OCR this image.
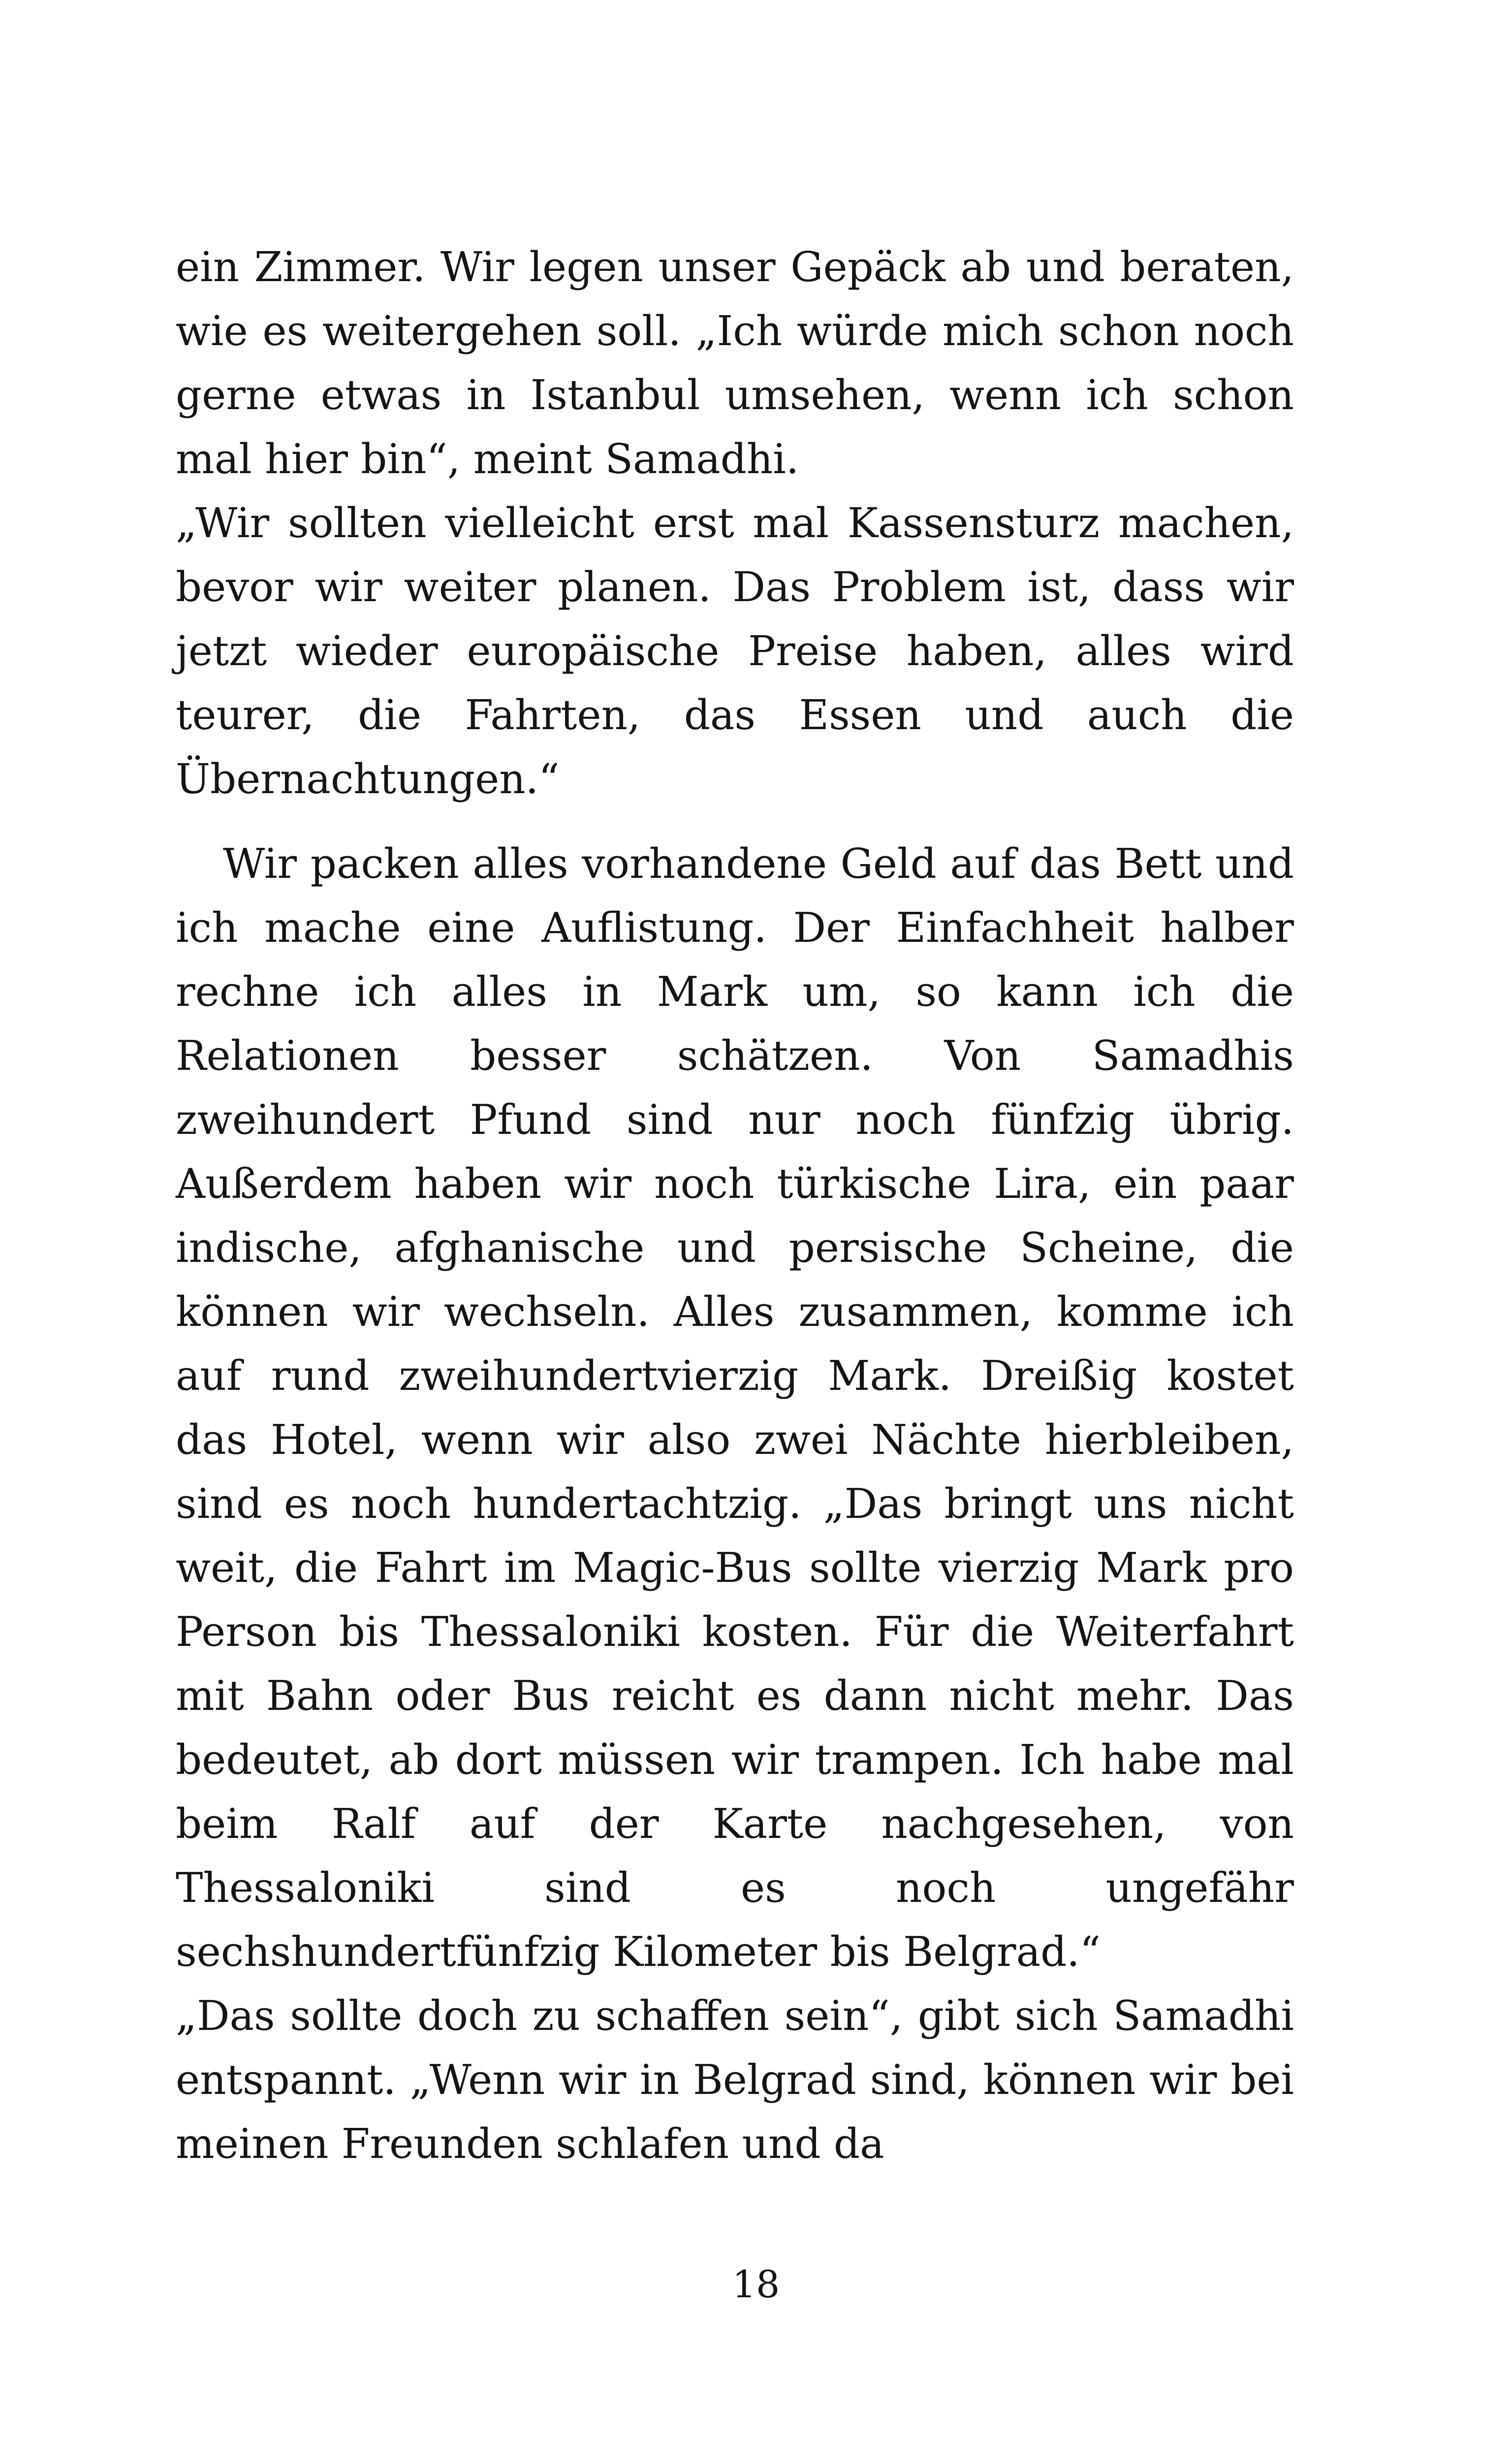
ein Zimmer. Wir legen unser Gepäck ab und beraten, wie es weitergehen soll. „Ich würde mich schon noch gerne etwas in Istanbul umsehen, wenn ich schon mal hier bin“, meint Samadhi.

„Wir sollten vielleicht erst mal Kassensturz machen, bevor wir weiter planen. Das Problem ist, dass wir jetzt wieder europäische Preise haben, alles wird teurer, die Fahrten, das Essen und auch die Übernachtungen.“

Wir packen alles vorhandene Geld auf das Bett und ich mache eine Auflistung. Der Einfachheit halber rechne ich alles in Mark um, so kann ich die Relationen besser schätzen. Von Samadhis zweihundert Pfund sind nur noch fünfzig übrig. Außerdem haben wir noch türkische Lira, ein paar indische, afghanische und persische Scheine, die können wir wechseln. Alles zusammen, komme ich auf rund zweihundertvierzig Mark. Dreißig kostet das Hotel, wenn wir also zwei Nächte hierbleiben, sind es noch hundertachtzig. „Das bringt uns nicht weit, die Fahrt im Magic-Bus sollte vierzig Mark pro Person bis Thessaloniki kosten. Für die Weiterfahrt mit Bahn oder Bus reicht es dann nicht mehr. Das bedeutet, ab dort müssen wir trampen. Ich habe mal beim Ralf auf der Karte nachgesehen, von Thessaloniki sind es noch ungefähr sechshundertfünfzig Kilometer bis Belgrad.“

„Das sollte doch zu schaffen sein“, gibt sich Samadhi entspannt. „Wenn wir in Belgrad sind, können wir bei meinen Freunden schlafen und da

18
